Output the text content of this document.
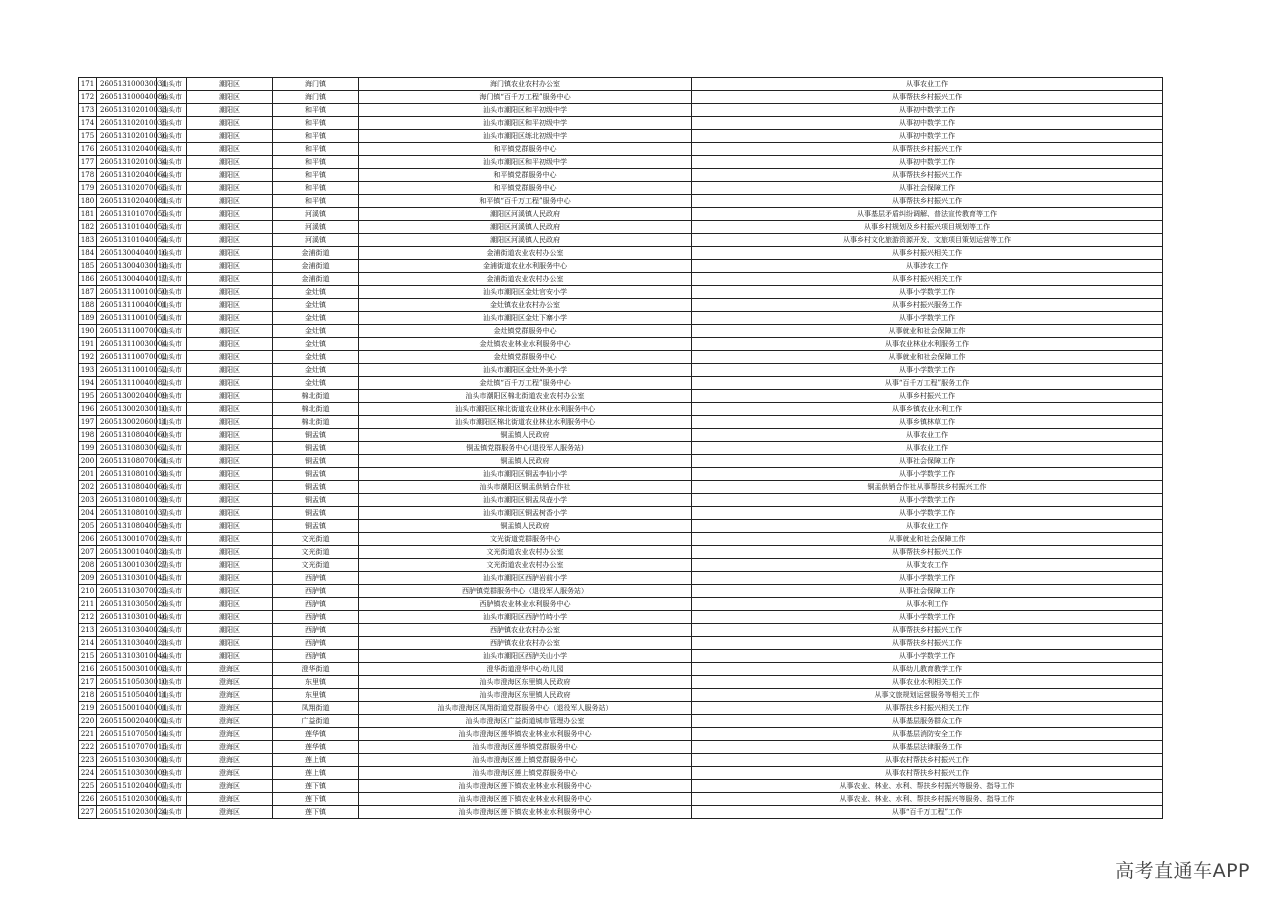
171	260513100030031	汕头市	潮阳区	海门镇	海门镇农业农村办公室	从事农业工作
172	260513100040086	汕头市	潮阳区	海门镇	海门镇“百千万工程”服务中心	从事帮扶乡村振兴工作
173	260513102010033	汕头市	潮阳区	和平镇	汕头市潮阳区和平初级中学	从事初中数学工作
174	260513102010035	汕头市	潮阳区	和平镇	汕头市潮阳区和平初级中学	从事初中数学工作
175	260513102010036	汕头市	潮阳区	和平镇	汕头市潮阳区练北初级中学	从事初中数学工作
176	260513102040063	汕头市	潮阳区	和平镇	和平镇党群服务中心	从事帮扶乡村振兴工作
177	260513102010034	汕头市	潮阳区	和平镇	汕头市潮阳区和平初级中学	从事初中数学工作
178	260513102040064	汕头市	潮阳区	和平镇	和平镇党群服务中心	从事帮扶乡村振兴工作
179	260513102070065	汕头市	潮阳区	和平镇	和平镇党群服务中心	从事社会保障工作
180	260513102040081	汕头市	潮阳区	和平镇	和平镇“百千万工程”服务中心	从事帮扶乡村振兴工作
181	260513101070055	汕头市	潮阳区	河溪镇	潮阳区河溪镇人民政府	从事基层矛盾纠纷调解、普法宣传教育等工作
182	260513101040053	汕头市	潮阳区	河溪镇	潮阳区河溪镇人民政府	从事乡村规划及乡村振兴项目规划等工作
183	260513101040054	汕头市	潮阳区	河溪镇	潮阳区河溪镇人民政府	从事乡村文化旅游资源开发、文旅项目策划运营等工作
184	260513004040016	汕头市	潮阳区	金浦街道	金浦街道农业农村办公室	从事乡村振兴相关工作
185	260513004030018	汕头市	潮阳区	金浦街道	金浦街道农业水利服务中心	从事涉农工作
186	260513004040017	汕头市	潮阳区	金浦街道	金浦街道农业农村办公室	从事乡村振兴相关工作
187	260513110010050	汕头市	潮阳区	金灶镇	汕头市潮阳区金灶官安小学	从事小学数学工作
188	260513110040001	汕头市	潮阳区	金灶镇	金灶镇农业农村办公室	从事乡村振兴服务工作
189	260513110010051	汕头市	潮阳区	金灶镇	汕头市潮阳区金灶下寨小学	从事小学数学工作
190	260513110070003	汕头市	潮阳区	金灶镇	金灶镇党群服务中心	从事就业和社会保障工作
191	260513110030004	汕头市	潮阳区	金灶镇	金灶镇农业林业水利服务中心	从事农业林业水利服务工作
192	260513110070002	汕头市	潮阳区	金灶镇	金灶镇党群服务中心	从事就业和社会保障工作
193	260513110010052	汕头市	潮阳区	金灶镇	汕头市潮阳区金灶外美小学	从事小学数学工作
194	260513110040082	汕头市	潮阳区	金灶镇	金灶镇“百千万工程”服务中心	从事“百千万工程”服务工作
195	260513002040009	汕头市	潮阳区	棉北街道	汕头市潮阳区棉北街道农业农村办公室	从事乡村振兴工作
196	260513002030010	汕头市	潮阳区	棉北街道	汕头市潮阳区棉北街道农业林业水利服务中心	从事乡镇农业水利工作
197	260513002060011	汕头市	潮阳区	棉北街道	汕头市潮阳区棉北街道农业林业水利服务中心	从事乡镇林草工作
198	260513108040060	汕头市	潮阳区	铜盂镇	铜盂镇人民政府	从事农业工作
199	260513108030062	汕头市	潮阳区	铜盂镇	铜盂镇党群服务中心(退役军人服务站)	从事农业工作
200	260513108070061	汕头市	潮阳区	铜盂镇	铜盂镇人民政府	从事社会保障工作
201	260513108010038	汕头市	潮阳区	铜盂镇	汕头市潮阳区铜盂李仙小学	从事小学数学工作
202	260513108040066	汕头市	潮阳区	铜盂镇	汕头市潮阳区铜盂供销合作社	铜盂供销合作社从事帮扶乡村振兴工作
203	260513108010039	汕头市	潮阳区	铜盂镇	汕头市潮阳区铜盂凤壶小学	从事小学数学工作
204	260513108010037	汕头市	潮阳区	铜盂镇	汕头市潮阳区铜盂树香小学	从事小学数学工作
205	260513108040059	汕头市	潮阳区	铜盂镇	铜盂镇人民政府	从事农业工作
206	260513001070029	汕头市	潮阳区	文光街道	文光街道党群服务中心	从事就业和社会保障工作
207	260513001040028	汕头市	潮阳区	文光街道	文光街道农业农村办公室	从事帮扶乡村振兴工作
208	260513001030027	汕头市	潮阳区	文光街道	文光街道农业农村办公室	从事支农工作
209	260513103010045	汕头市	潮阳区	西胪镇	汕头市潮阳区西胪岩前小学	从事小学数学工作
210	260513103070025	汕头市	潮阳区	西胪镇	西胪镇党群服务中心（退役军人服务站）	从事社会保障工作
211	260513103050026	汕头市	潮阳区	西胪镇	西胪镇农业林业水利服务中心	从事水利工作
212	260513103010046	汕头市	潮阳区	西胪镇	汕头市潮阳区西胪竹峙小学	从事小学数学工作
213	260513103040024	汕头市	潮阳区	西胪镇	西胪镇农业农村办公室	从事帮扶乡村振兴工作
214	260513103040023	汕头市	潮阳区	西胪镇	西胪镇农业农村办公室	从事帮扶乡村振兴工作
215	260513103010044	汕头市	潮阳区	西胪镇	汕头市潮阳区西胪关山小学	从事小学数学工作
216	260515003010003	汕头市	澄海区	澄华街道	澄华街道澄华中心幼儿园	从事幼儿教育教学工作
217	260515105030010	汕头市	澄海区	东里镇	汕头市澄海区东里镇人民政府	从事农业水利相关工作
218	260515105040011	汕头市	澄海区	东里镇	汕头市澄海区东里镇人民政府	从事文旅规划运营服务等相关工作
219	260515001040001	汕头市	澄海区	凤翔街道	汕头市澄海区凤翔街道党群服务中心（退役军人服务站）	从事帮扶乡村振兴相关工作
220	260515002040002	汕头市	澄海区	广益街道	汕头市澄海区广益街道城市管理办公室	从事基层服务群众工作
221	260515107050014	汕头市	澄海区	莲华镇	汕头市澄海区莲华镇农业林业水利服务中心	从事基层消防安全工作
222	260515107070015	汕头市	澄海区	莲华镇	汕头市澄海区莲华镇党群服务中心	从事基层法律服务工作
223	260515103030008	汕头市	澄海区	莲上镇	汕头市澄海区莲上镇党群服务中心	从事农村帮扶乡村振兴工作
224	260515103030009	汕头市	澄海区	莲上镇	汕头市澄海区莲上镇党群服务中心	从事农村帮扶乡村振兴工作
225	260515102040007	汕头市	澄海区	莲下镇	汕头市澄海区莲下镇农业林业水利服务中心	从事农业、林业、水利、帮扶乡村振兴等服务、指导工作
226	260515102030006	汕头市	澄海区	莲下镇	汕头市澄海区莲下镇农业林业水利服务中心	从事农业、林业、水利、帮扶乡村振兴等服务、指导工作
227	260515102030024	汕头市	澄海区	莲下镇	汕头市澄海区莲下镇农业林业水利服务中心	从事“百千万工程”工作
高考直通车APP
